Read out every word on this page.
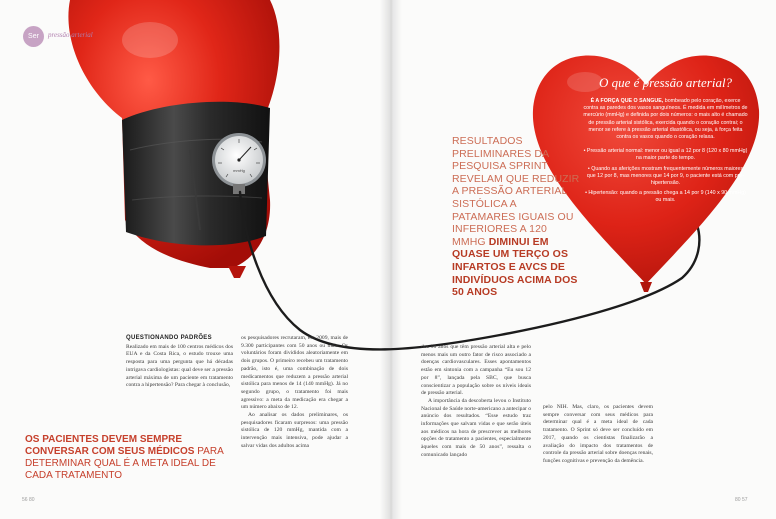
mmHg
Ser	pressão arterial
RESULTADOS PRELIMINARES DA PESQUISA SPRINT REVELAM QUE REDUZIR A PRESSÃO ARTERIAL SISTÓLICA A PATAMARES IGUAIS OU INFERIORES A 120 MMHG DIMINUI EM QUASE UM TERÇO OS INFARTOS E AVCS DE INDIVÍDUOS ACIMA DOS 50 ANOS
OS PACIENTES DEVEM SEMPRE CONVERSAR COM SEUS MÉDICOS PARA DETERMINAR QUAL É A META IDEAL DE CADA TRATAMENTO
QUESTIONANDO PADRÕES

Realizado em mais de 100 centros médicos dos EUA e da Costa Rica, o estudo trouxe uma resposta para uma pergunta que há décadas intrigava cardiologistas: qual deve ser a pressão arterial máxima de um paciente em tratamento contra a hipertensão? Para chegar à conclusão,

os pesquisadores recrutaram, em 2009, mais de 9.300 participantes com 50 anos ou mais. Os voluntários foram divididos aleatoriamente em dois grupos. O primeiro recebeu um tratamento padrão, isto é, uma combinação de dois medicamentos que reduzem a pressão arterial sistólica para menos de 14 (140 mmHg). Já no segundo grupo, o tratamento foi mais agressivo: a meta da medicação era chegar a um número abaixo de 12.

Ao analisar os dados preliminares, os pesquisadores ficaram surpresos: uma pressão sistólica de 120 mmHg, mantida com a intervenção mais intensiva, pode ajudar a salvar vidas dos adultos acima

dos 50 anos que têm pressão arterial alta e pelo menos mais um outro fator de risco associado a doenças cardiovasculares. Esses apontamentos estão em sintonia com a campanha “Eu sou 12 por 8”, lançada pela SBC, que busca conscientizar a população sobre os níveis ideais de pressão arterial.

A importância da descoberta levou o Instituto Nacional de Saúde norte-americano a antecipar o anúncio dos resultados. “Esse estudo traz informações que salvam vidas e que serão úteis aos médicos na hora de prescrever as melhores opções de tratamento a pacientes, especialmente àqueles com mais de 50 anos”, ressalta o comunicado lançado

pelo NIH. Mas, claro, os pacientes devem sempre conversar com seus médicos para determinar qual é a meta ideal de cada tratamento. O Sprint só deve ser concluído em 2017, quando os cientistas finalizarão a avaliação do impacto dos tratamentos de controle da pressão arterial sobre doenças renais, funções cognitivas e prevenção da demência.

O que é pressão arterial?
É A FORÇA QUE O SANGUE, bombeado pelo coração, exerce contra as paredes dos vasos sanguíneos. É medida em milímetros de mercúrio (mmHg) e definida por dois números: o mais alto é chamado de pressão arterial sistólica, exercida quando o coração contrai; o menor se refere à pressão arterial diastólica, ou seja, à força feita contra os vasos quando o coração relaxa.
• Pressão arterial normal: menor ou igual a 12 por 8 (120 x 80 mmHg) na maior parte do tempo.
• Quando as aferições mostram frequentemente números maiores que 12 por 8, mas menores que 14 por 9, o paciente está com pré-hipertensão.
• Hipertensão: quando a pressão chega a 14 por 9 (140 x 90 mmHg) ou mais.
56 80	80 57
